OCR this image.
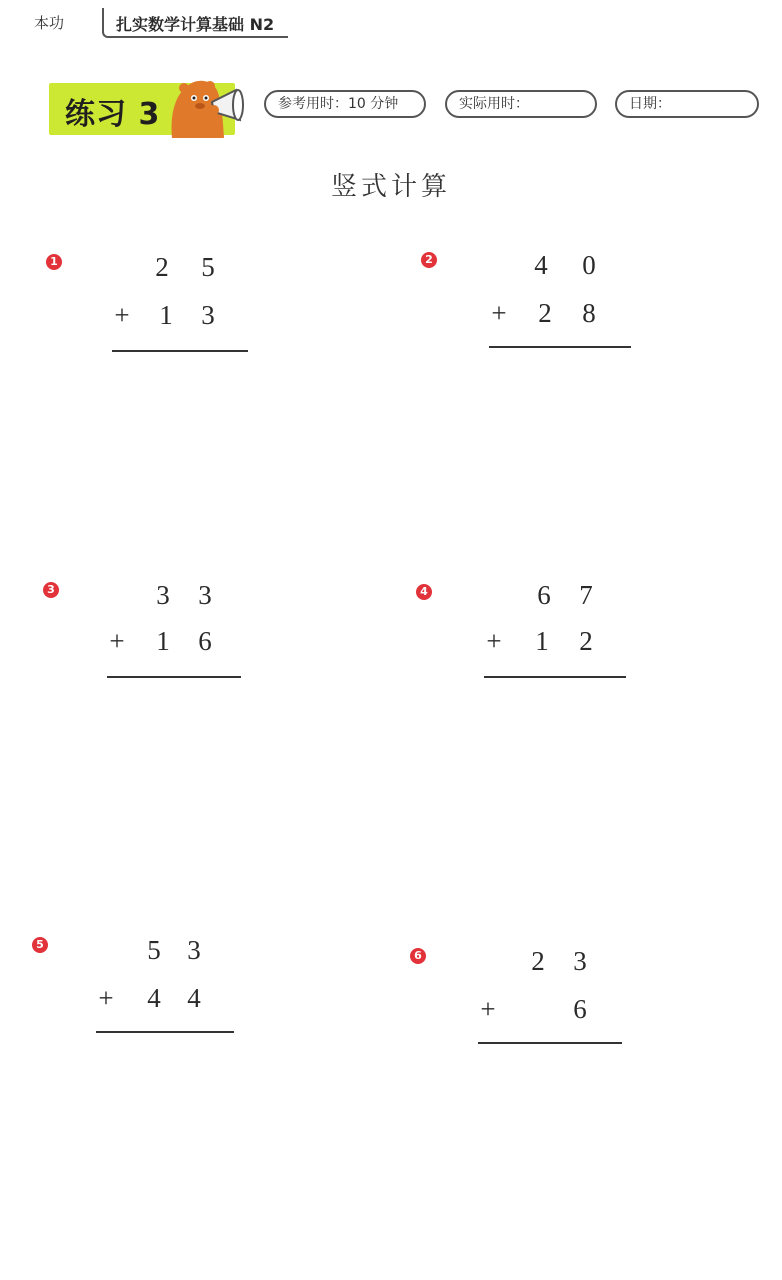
本功	扎实数学计算基础 N2
练习 3	参考用时：10 分钟	实际用时：	日期：
竖式计算
1	2 5
+ 1 3
2	4 0
+ 2 8
3	3 3
+ 1 6
4	6 7
+ 1 2
5	5 3
+ 4 4
6	2 3
+	6
